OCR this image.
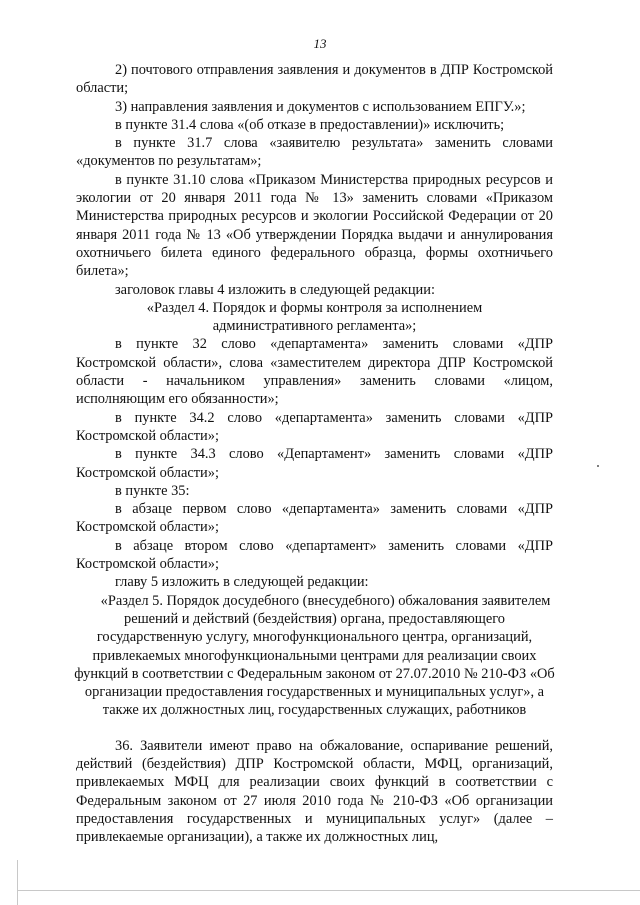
13

2) почтового отправления заявления и документов в ДПР Костромской области;

3) направления заявления и документов с использованием ЕПГУ.»;

в пункте 31.4 слова «(об отказе в предоставлении)» исключить;

в пункте 31.7 слова «заявителю результата» заменить словами «документов по результатам»;

в пункте 31.10 слова «Приказом Министерства природных ресурсов и экологии от 20 января 2011 года № 13» заменить словами «Приказом Министерства природных ресурсов и экологии Российской Федерации от 20 января 2011 года № 13 «Об утверждении Порядка выдачи и аннулирования охотничьего билета единого федерального образца, формы охотничьего билета»;

заголовок главы 4 изложить в следующей редакции:

«Раздел 4. Порядок и формы контроля за исполнением административного регламента»;

в пункте 32 слово «департамента» заменить словами «ДПР Костромской области», слова «заместителем директора ДПР Костромской области - начальником управления» заменить словами «лицом, исполняющим его обязанности»;

в пункте 34.2 слово «департамента» заменить словами «ДПР Костромской области»;

в пункте 34.3 слово «Департамент» заменить словами «ДПР Костромской области»;

в пункте 35:

в абзаце первом слово «департамента» заменить словами «ДПР Костромской области»;

в абзаце втором слово «департамент» заменить словами «ДПР Костромской области»;

главу 5 изложить в следующей редакции:

«Раздел 5. Порядок досудебного (внесудебного) обжалования заявителем решений и действий (бездействия) органа, предоставляющего государственную услугу, многофункционального центра, организаций, привлекаемых многофункциональными центрами для реализации своих функций в соответствии с Федеральным законом от 27.07.2010 № 210-ФЗ «Об организации предоставления государственных и муниципальных услуг», а также их должностных лиц, государственных служащих, работников

36. Заявители имеют право на обжалование, оспаривание решений, действий (бездействия) ДПР Костромской области, МФЦ, организаций, привлекаемых МФЦ для реализации своих функций в соответствии с Федеральным законом от 27 июля 2010 года № 210-ФЗ «Об организации предоставления государственных и муниципальных услуг» (далее – привлекаемые организации), а также их должностных лиц,
